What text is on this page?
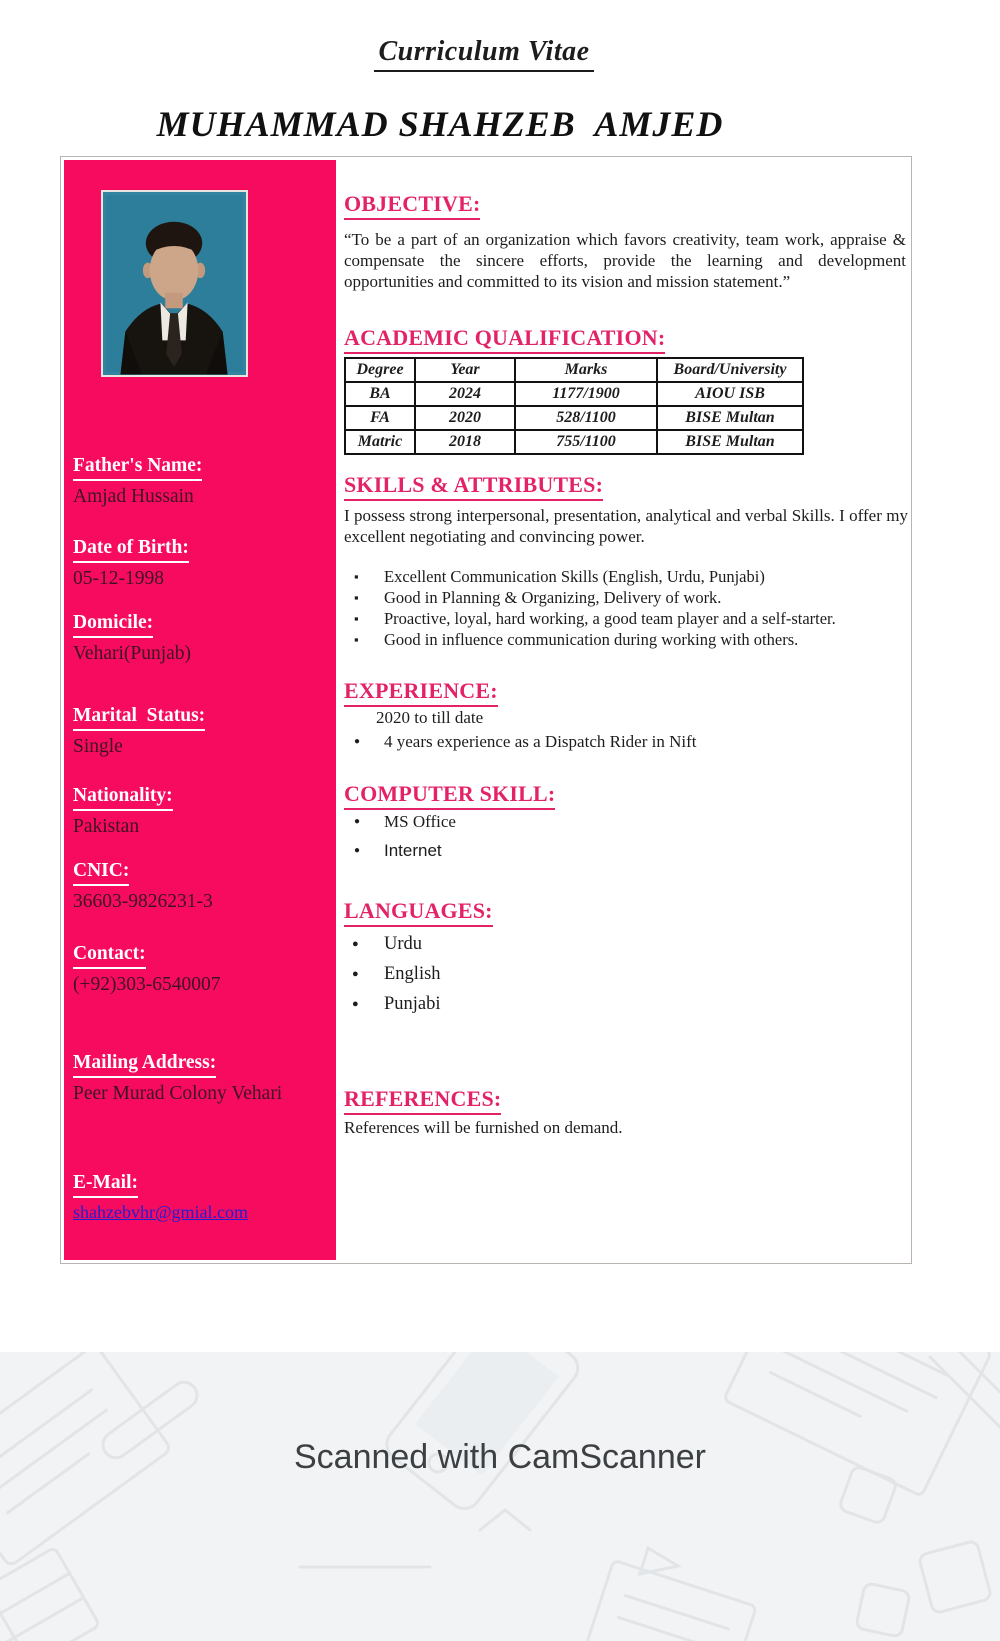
Curriculum Vitae
MUHAMMAD SHAHZEB  AMJED
Father's Name:
Amjad Hussain
Date of Birth:
05-12-1998
Domicile:
Vehari(Punjab)
Marital  Status:
Single
Nationality:
Pakistan
CNIC:
36603-9826231-3
Contact:
(+92)303-6540007
Mailing Address:
Peer Murad Colony Vehari
E-Mail:
shahzebvhr@gmial.com
OBJECTIVE:
“To be a part of an organization which favors creativity, team work, appraise & compensate the sincere efforts, provide the learning and development opportunities and committed to its vision and mission statement.”
ACADEMIC QUALIFICATION:
Degree	Year	Marks	Board/University
BA	2024	1177/1900	AIOU ISB
FA	2020	528/1100	BISE Multan
Matric	2018	755/1100	BISE Multan
SKILLS & ATTRIBUTES:
I possess strong interpersonal, presentation, analytical and verbal Skills. I offer my excellent negotiating and convincing power.
▪ Excellent Communication Skills (English, Urdu, Punjabi)
▪ Good in Planning & Organizing, Delivery of work.
▪ Proactive, loyal, hard working, a good team player and a self-starter.
▪ Good in influence communication during working with others.
EXPERIENCE:
2020 to till date
● 4 years experience as a Dispatch Rider in Nift
COMPUTER SKILL:
● MS Office
● Internet
LANGUAGES:
● Urdu
● English
● Punjabi
REFERENCES:
References will be furnished on demand.
Scanned with CamScanner
